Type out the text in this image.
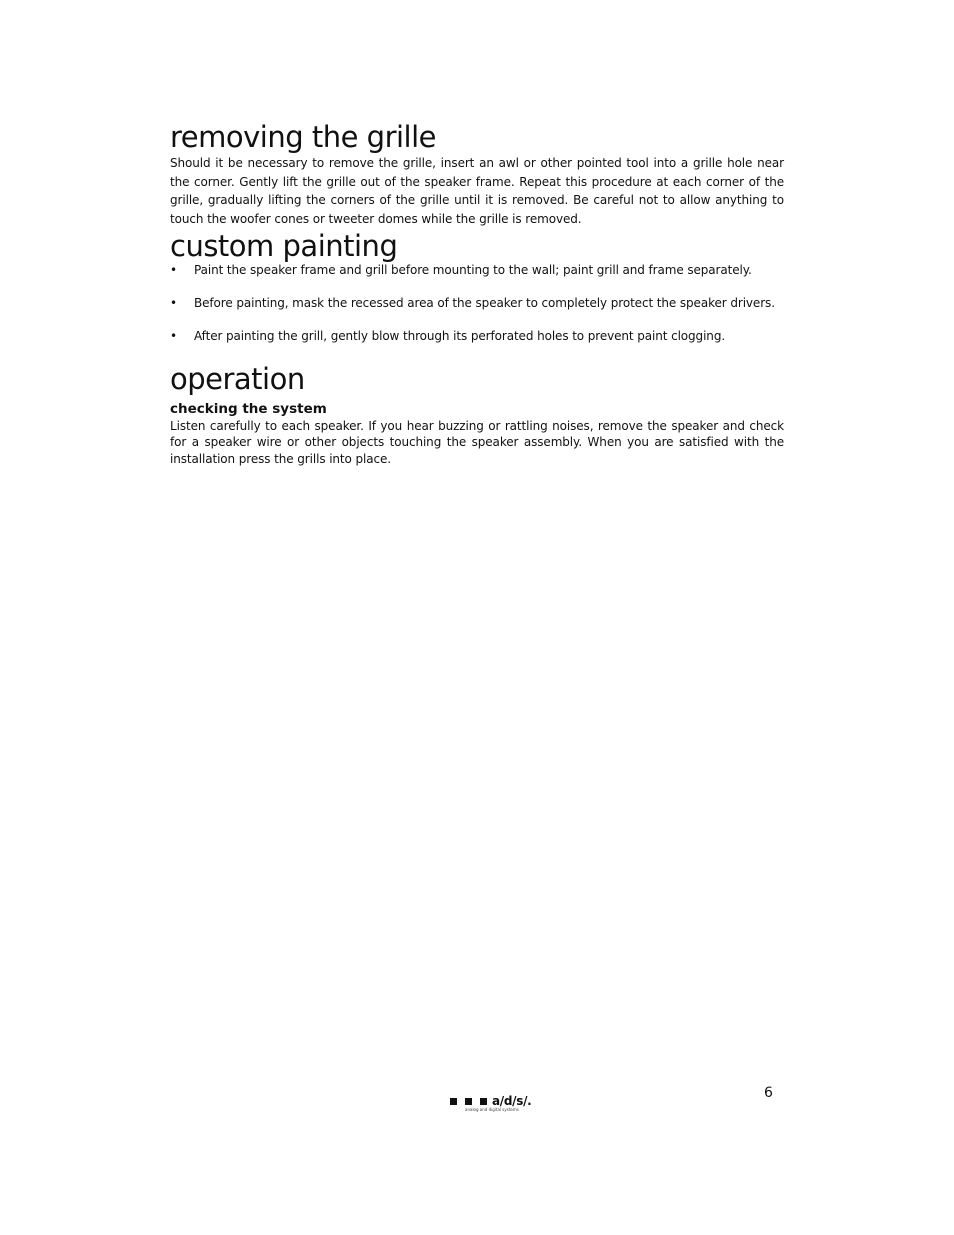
removing the grille

Should it be necessary to remove the grille, insert an awl or other pointed tool into a grille hole near the corner. Gently lift the grille out of the speaker frame. Repeat this procedure at each corner of the grille, gradually lifting the corners of the grille until it is removed. Be careful not to allow anything to touch the woofer cones or tweeter domes while the grille is removed.

custom painting
• Paint the speaker frame and grill before mounting to the wall; paint grill and frame separately.
• Before painting, mask the recessed area of the speaker to completely protect the speaker drivers.
• After painting the grill, gently blow through its perforated holes to prevent paint clogging.
operation
checking the system

Listen carefully to each speaker. If you hear buzzing or rattling noises, remove the speaker and check for a speaker wire or other objects touching the speaker assembly. When you are satisfied with the installation press the grills into place.

6
a/d/s/.
analog and digital systems
